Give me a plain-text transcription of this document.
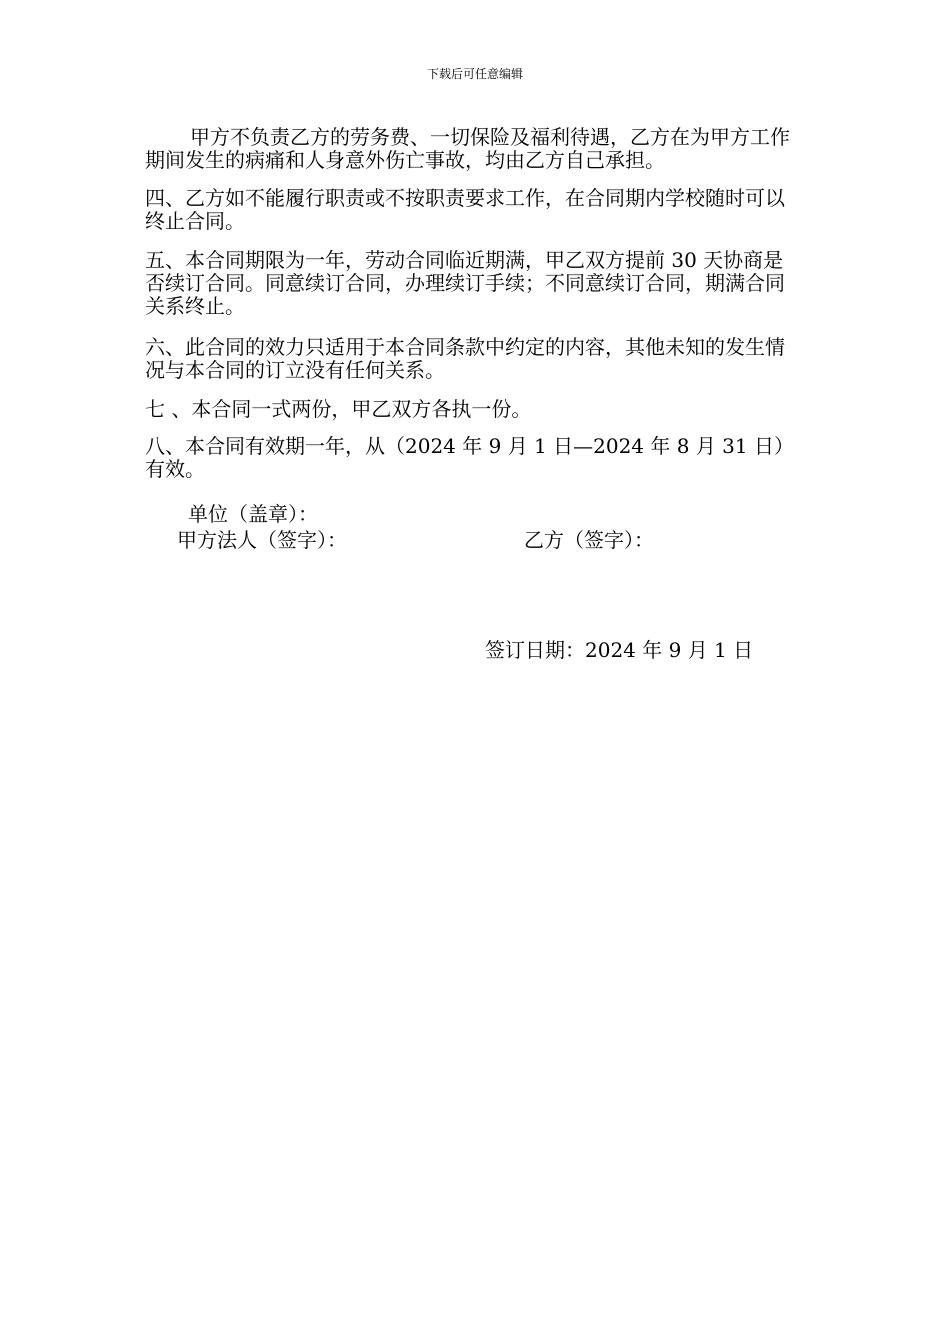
下载后可任意编辑

甲方不负责乙方的劳务费、一切保险及福利待遇，乙方在为甲方工作期间发生的病痛和人身意外伤亡事故，均由乙方自己承担。

四、乙方如不能履行职责或不按职责要求工作，在合同期内学校随时可以终止合同。

五、本合同期限为一年，劳动合同临近期满，甲乙双方提前 30 天协商是否续订合同。同意续订合同，办理续订手续；不同意续订合同，期满合同关系终止。

六、此合同的效力只适用于本合同条款中约定的内容，其他未知的发生情况与本合同的订立没有任何关系。

七 、本合同一式两份，甲乙双方各执一份。

八、本合同有效期一年，从（2024 年 9 月 1 日—2024 年 8 月 31 日）有效。

单位（盖章）：
甲方法人（签字）：	乙方（签字）：
签订日期：2024 年 9 月 1 日
